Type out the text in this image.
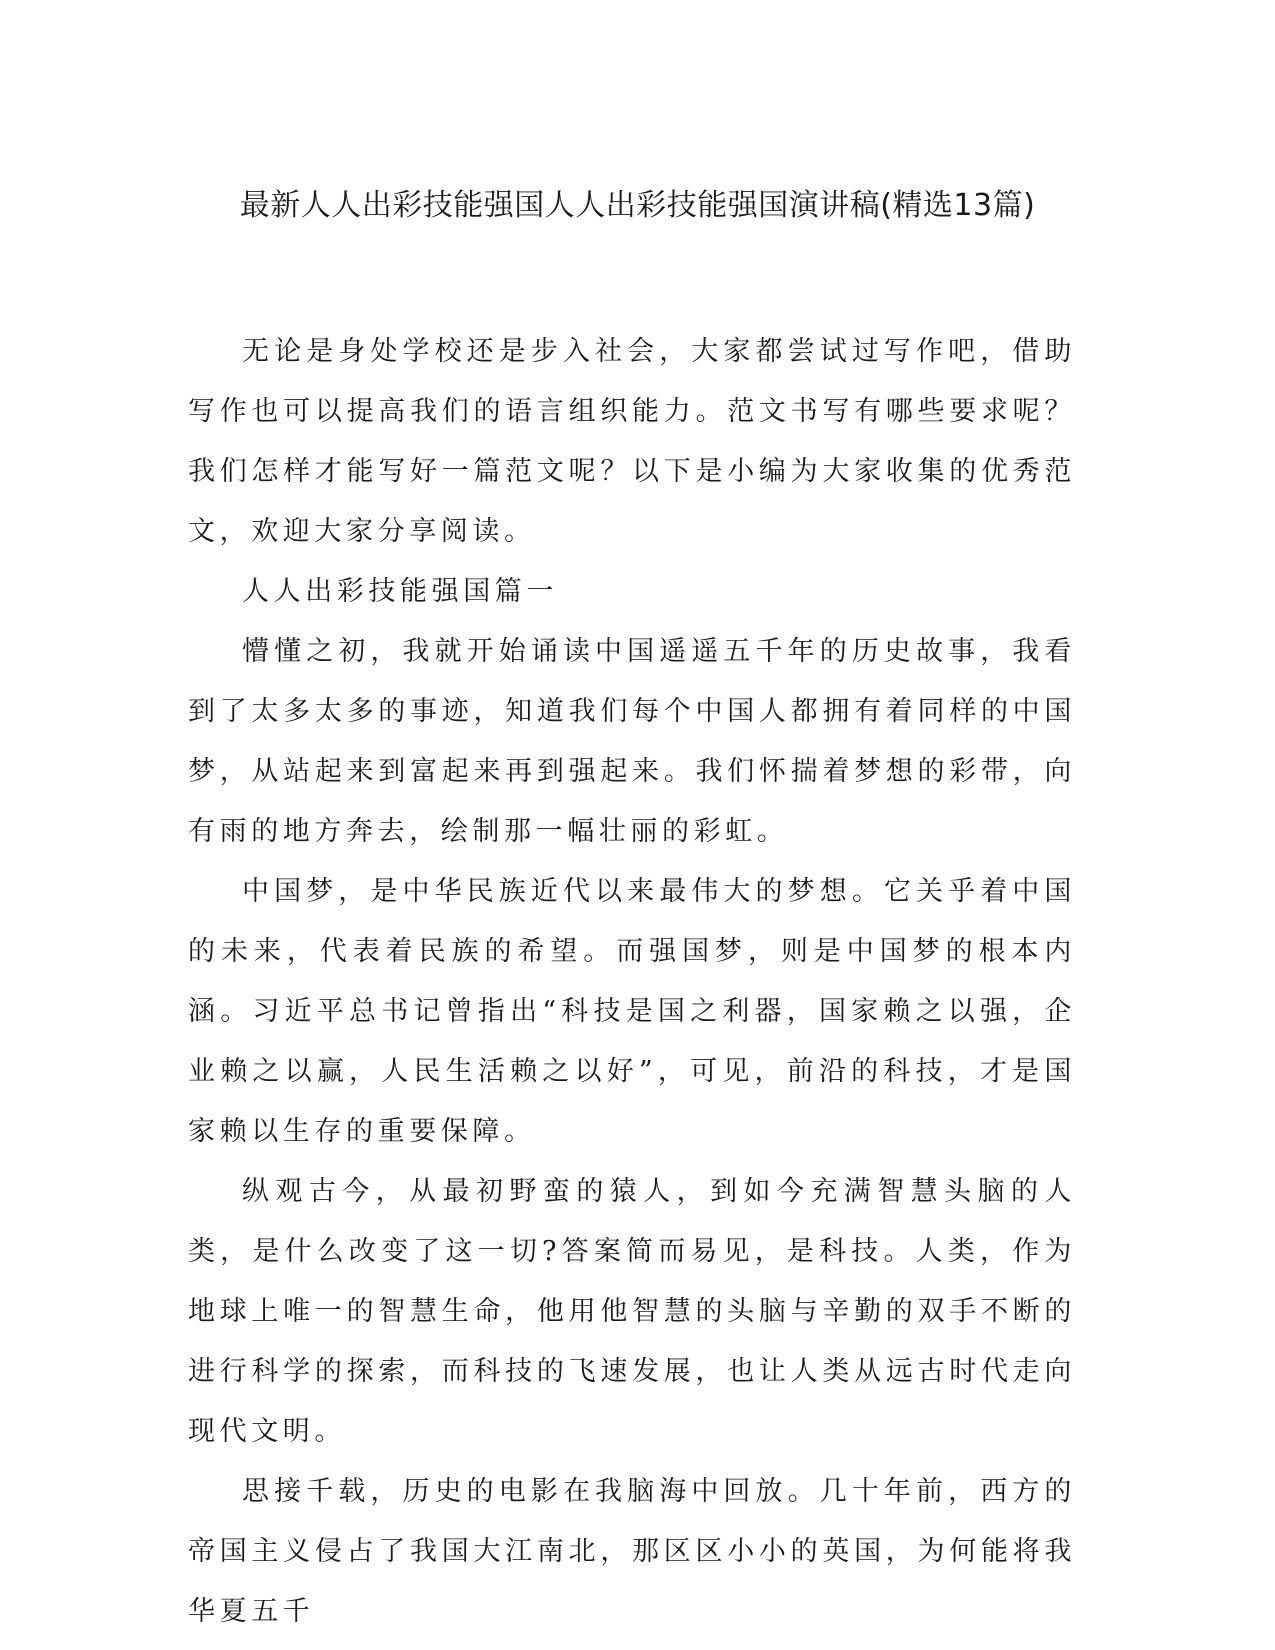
最新人人出彩技能强国人人出彩技能强国演讲稿(精选13篇)

无论是身处学校还是步入社会，大家都尝试过写作吧，借助写作也可以提高我们的语言组织能力。范文书写有哪些要求呢？我们怎样才能写好一篇范文呢？以下是小编为大家收集的优秀范文，欢迎大家分享阅读。

人人出彩技能强国篇一

懵懂之初，我就开始诵读中国遥遥五千年的历史故事，我看到了太多太多的事迹，知道我们每个中国人都拥有着同样的中国梦，从站起来到富起来再到强起来。我们怀揣着梦想的彩带，向有雨的地方奔去，绘制那一幅壮丽的彩虹。

中国梦，是中华民族近代以来最伟大的梦想。它关乎着中国的未来，代表着民族的希望。而强国梦，则是中国梦的根本内涵。习近平总书记曾指出“科技是国之利器，国家赖之以强，企业赖之以赢，人民生活赖之以好”，可见，前沿的科技，才是国家赖以生存的重要保障。

纵观古今，从最初野蛮的猿人，到如今充满智慧头脑的人类，是什么改变了这一切?答案简而易见，是科技。人类，作为地球上唯一的智慧生命，他用他智慧的头脑与辛勤的双手不断的进行科学的探索，而科技的飞速发展，也让人类从远古时代走向现代文明。

思接千载，历史的电影在我脑海中回放。几十年前，西方的帝国主义侵占了我国大江南北，那区区小小的英国，为何能将我华夏五千
